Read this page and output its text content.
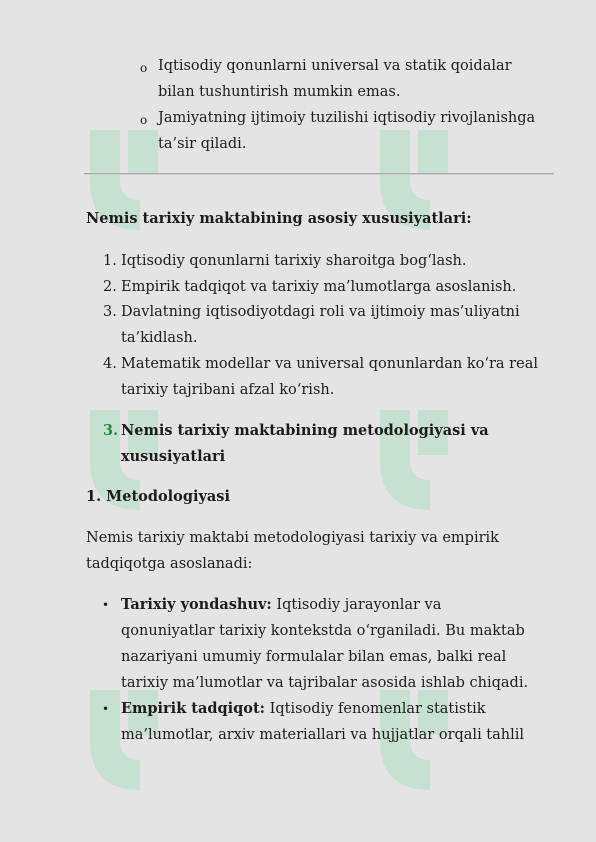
o Iqtisodiy qonunlarni universal va statik qoidalar
bilan tushuntirish mumkin emas.
o Jamiyatning ijtimoiy tuzilishi iqtisodiy rivojlanishga
ta’sir qiladi.
Nemis tarixiy maktabining asosiy xususiyatlari:
1. Iqtisodiy qonunlarni tarixiy sharoitga bog‘lash.
2. Empirik tadqiqot va tarixiy ma’lumotlarga asoslanish.
3. Davlatning iqtisodiyotdagi roli va ijtimoiy mas’uliyatni
ta’kidlash.
4. Matematik modellar va universal qonunlardan ko‘ra real
tarixiy tajribani afzal ko‘rish.
3. Nemis tarixiy maktabining metodologiyasi va
xususiyatlari
1. Metodologiyasi
Nemis tarixiy maktabi metodologiyasi tarixiy va empirik
tadqiqotga asoslanadi:
• Tarixiy yondashuv: Iqtisodiy jarayonlar va
qonuniyatlar tarixiy kontekstda o‘rganiladi. Bu maktab
nazariyani umumiy formulalar bilan emas, balki real
tarixiy ma’lumotlar va tajribalar asosida ishlab chiqadi.
• Empirik tadqiqot: Iqtisodiy fenomenlar statistik
ma’lumotlar, arxiv materiallari va hujjatlar orqali tahlil
